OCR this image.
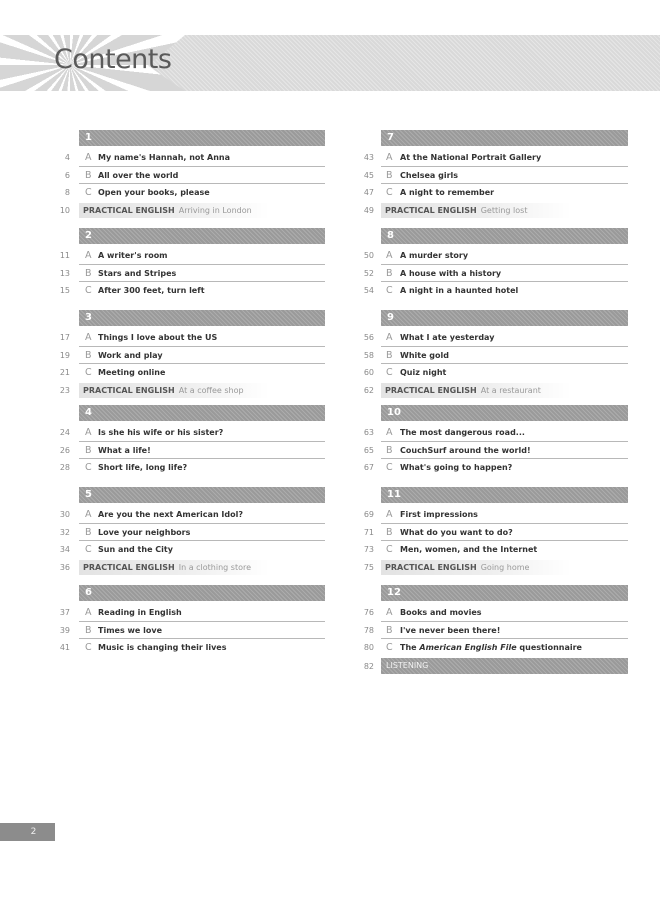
Contents
1
4 A My name's Hannah, not Anna
6 B All over the world
8 C Open your books, please
10	PRACTICAL ENGLISH Arriving in London
2
11 A A writer's room
13 B Stars and Stripes
15 C After 300 feet, turn left
3
17 A Things I love about the US
19 B Work and play
21 C Meeting online
23	PRACTICAL ENGLISH At a coffee shop
4
24 A Is she his wife or his sister?
26 B What a life!
28 C Short life, long life?
5
30 A Are you the next American Idol?
32 B Love your neighbors
34 C Sun and the City
36	PRACTICAL ENGLISH In a clothing store
6
37 A Reading in English
39 B Times we love
41 C Music is changing their lives
7
43 A At the National Portrait Gallery
45 B Chelsea girls
47 C A night to remember
49	PRACTICAL ENGLISH Getting lost
8
50 A A murder story
52 B A house with a history
54 C A night in a haunted hotel
9
56 A What I ate yesterday
58 B White gold
60 C Quiz night
62	PRACTICAL ENGLISH At a restaurant
10
63 A The most dangerous road...
65 B CouchSurf around the world!
67 C What's going to happen?
11
69 A First impressions
71 B What do you want to do?
73 C Men, women, and the Internet
75	PRACTICAL ENGLISH Going home
12
76 A Books and movies
78 B I've never been there!
80 C The American English File questionnaire
82	LISTENING
2
